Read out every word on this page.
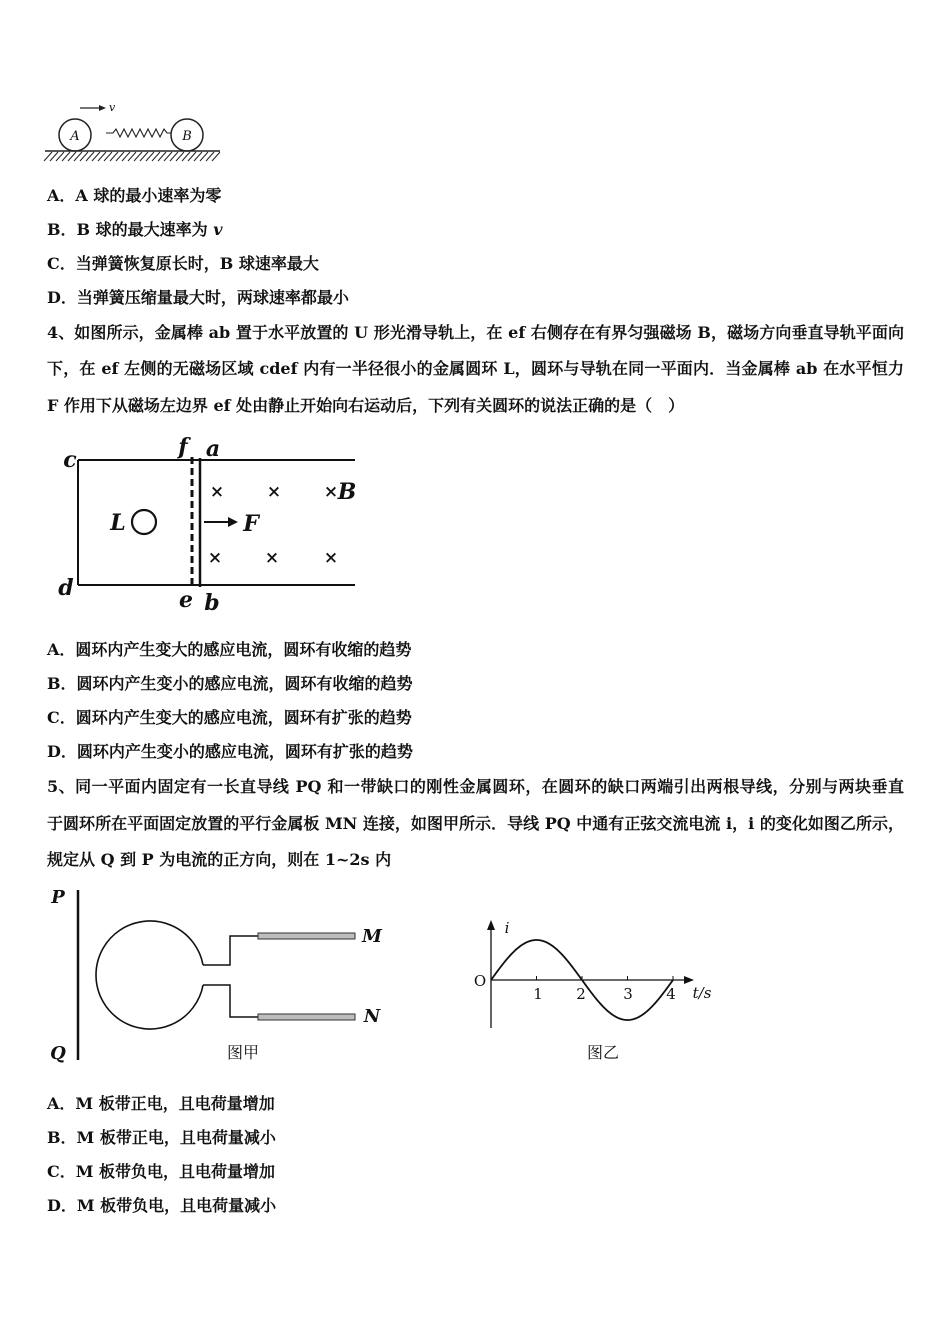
v
A	B
A．A 球的最小速率为零
B．B 球的最大速率为 v
C．当弹簧恢复原长时，B 球速率最大
D．当弹簧压缩量最大时，两球速率都最小
4、如图所示，金属棒 ab 置于水平放置的 U 形光滑导轨上，在 ef 右侧存在有界匀强磁场 B，磁场方向垂直导轨平面向
下，在 ef 左侧的无磁场区域 cdef 内有一半径很小的金属圆环 L，圆环与导轨在同一平面内．当金属棒 ab 在水平恒力
F 作用下从磁场左边界 ef 处由静止开始向右运动后，下列有关圆环的说法正确的是（　）
c	f a
d	e b
L	F
×	×	× B
×	×	×
A．圆环内产生变大的感应电流，圆环有收缩的趋势
B．圆环内产生变小的感应电流，圆环有收缩的趋势
C．圆环内产生变大的感应电流，圆环有扩张的趋势
D．圆环内产生变小的感应电流，圆环有扩张的趋势
5、同一平面内固定有一长直导线 PQ 和一带缺口的刚性金属圆环，在圆环的缺口两端引出两根导线，分别与两块垂直
于圆环所在平面固定放置的平行金属板 MN 连接，如图甲所示．导线 PQ 中通有正弦交流电流 i，i 的变化如图乙所示，
规定从 Q 到 P 为电流的正方向，则在 1~2s 内
P
Q
M
N
图甲
i
t/s
O
1 2 3 4
图乙
A．M 板带正电，且电荷量增加
B．M 板带正电，且电荷量减小
C．M 板带负电，且电荷量增加
D．M 板带负电，且电荷量减小
